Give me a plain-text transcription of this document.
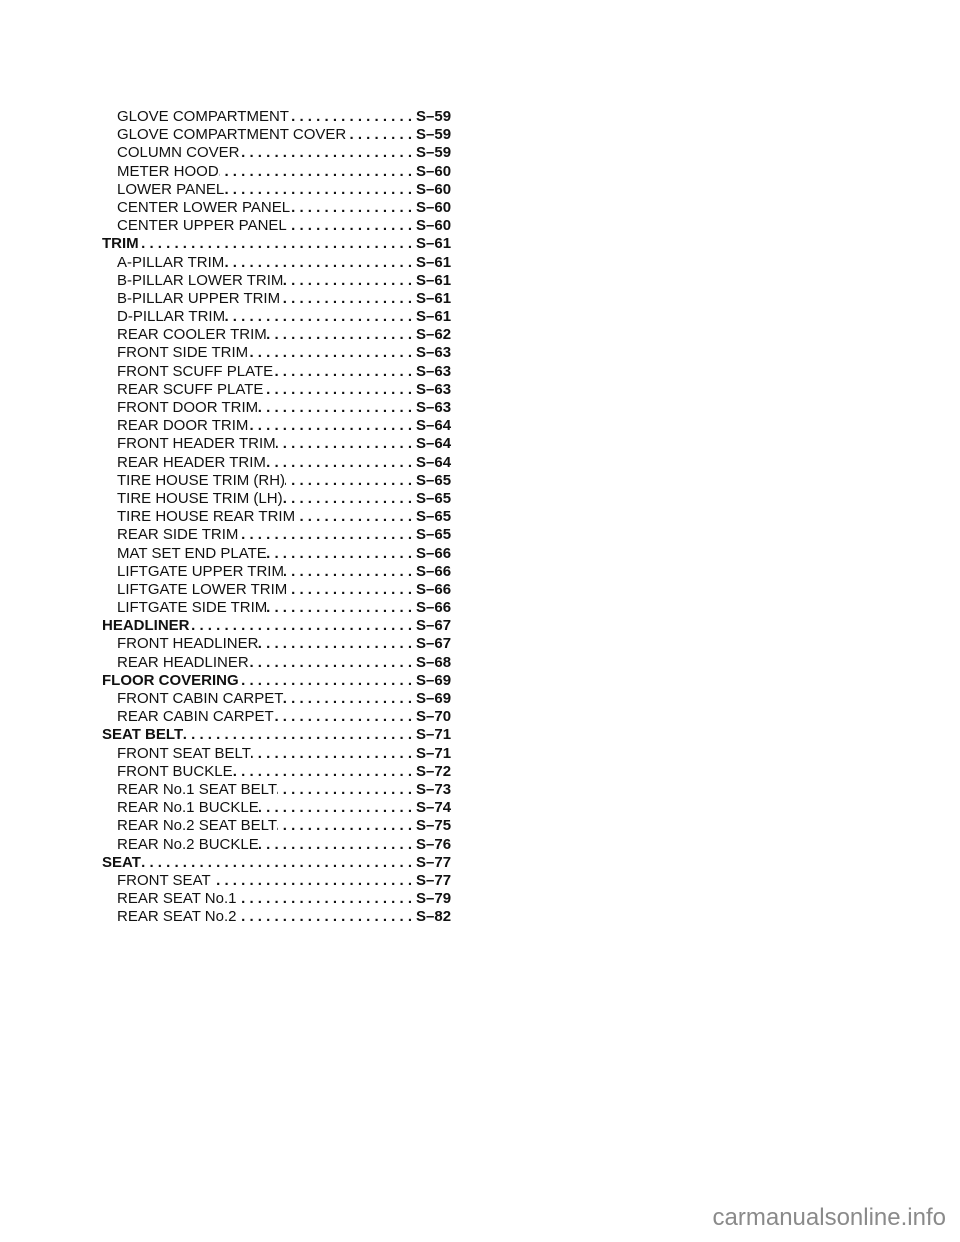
GLOVE COMPARTMENT . . .	S–59
GLOVE COMPARTMENT COVER . . .	S–59
COLUMN COVER . . .	S–59
METER HOOD . . .	S–60
LOWER PANEL . . .	S–60
CENTER LOWER PANEL . . .	S–60
CENTER UPPER PANEL . . .	S–60
TRIM . . .	S–61
A-PILLAR TRIM . . .	S–61
B-PILLAR LOWER TRIM . . .	S–61
B-PILLAR UPPER TRIM . . .	S–61
D-PILLAR TRIM . . .	S–61
REAR COOLER TRIM . . .	S–62
FRONT SIDE TRIM . . .	S–63
FRONT SCUFF PLATE . . .	S–63
REAR SCUFF PLATE . . .	S–63
FRONT DOOR TRIM . . .	S–63
REAR DOOR TRIM . . .	S–64
FRONT HEADER TRIM . . .	S–64
REAR HEADER TRIM . . .	S–64
TIRE HOUSE TRIM (RH) . . .	S–65
TIRE HOUSE TRIM (LH) . . .	S–65
TIRE HOUSE REAR TRIM . . .	S–65
REAR SIDE TRIM . . .	S–65
MAT SET END PLATE . . .	S–66
LIFTGATE UPPER TRIM . . .	S–66
LIFTGATE LOWER TRIM . . .	S–66
LIFTGATE SIDE TRIM . . .	S–66
HEADLINER . . .	S–67
FRONT HEADLINER . . .	S–67
REAR HEADLINER . . .	S–68
FLOOR COVERING . . .	S–69
FRONT CABIN CARPET . . .	S–69
REAR CABIN CARPET . . .	S–70
SEAT BELT . . .	S–71
FRONT SEAT BELT . . .	S–71
FRONT BUCKLE . . .	S–72
REAR No.1 SEAT BELT . . .	S–73
REAR No.1 BUCKLE . . .	S–74
REAR No.2 SEAT BELT . . .	S–75
REAR No.2 BUCKLE . . .	S–76
SEAT . . .	S–77
FRONT SEAT . . .	S–77
REAR SEAT No.1 . . .	S–79
REAR SEAT No.2 . . .	S–82
carmanualsonline.info
